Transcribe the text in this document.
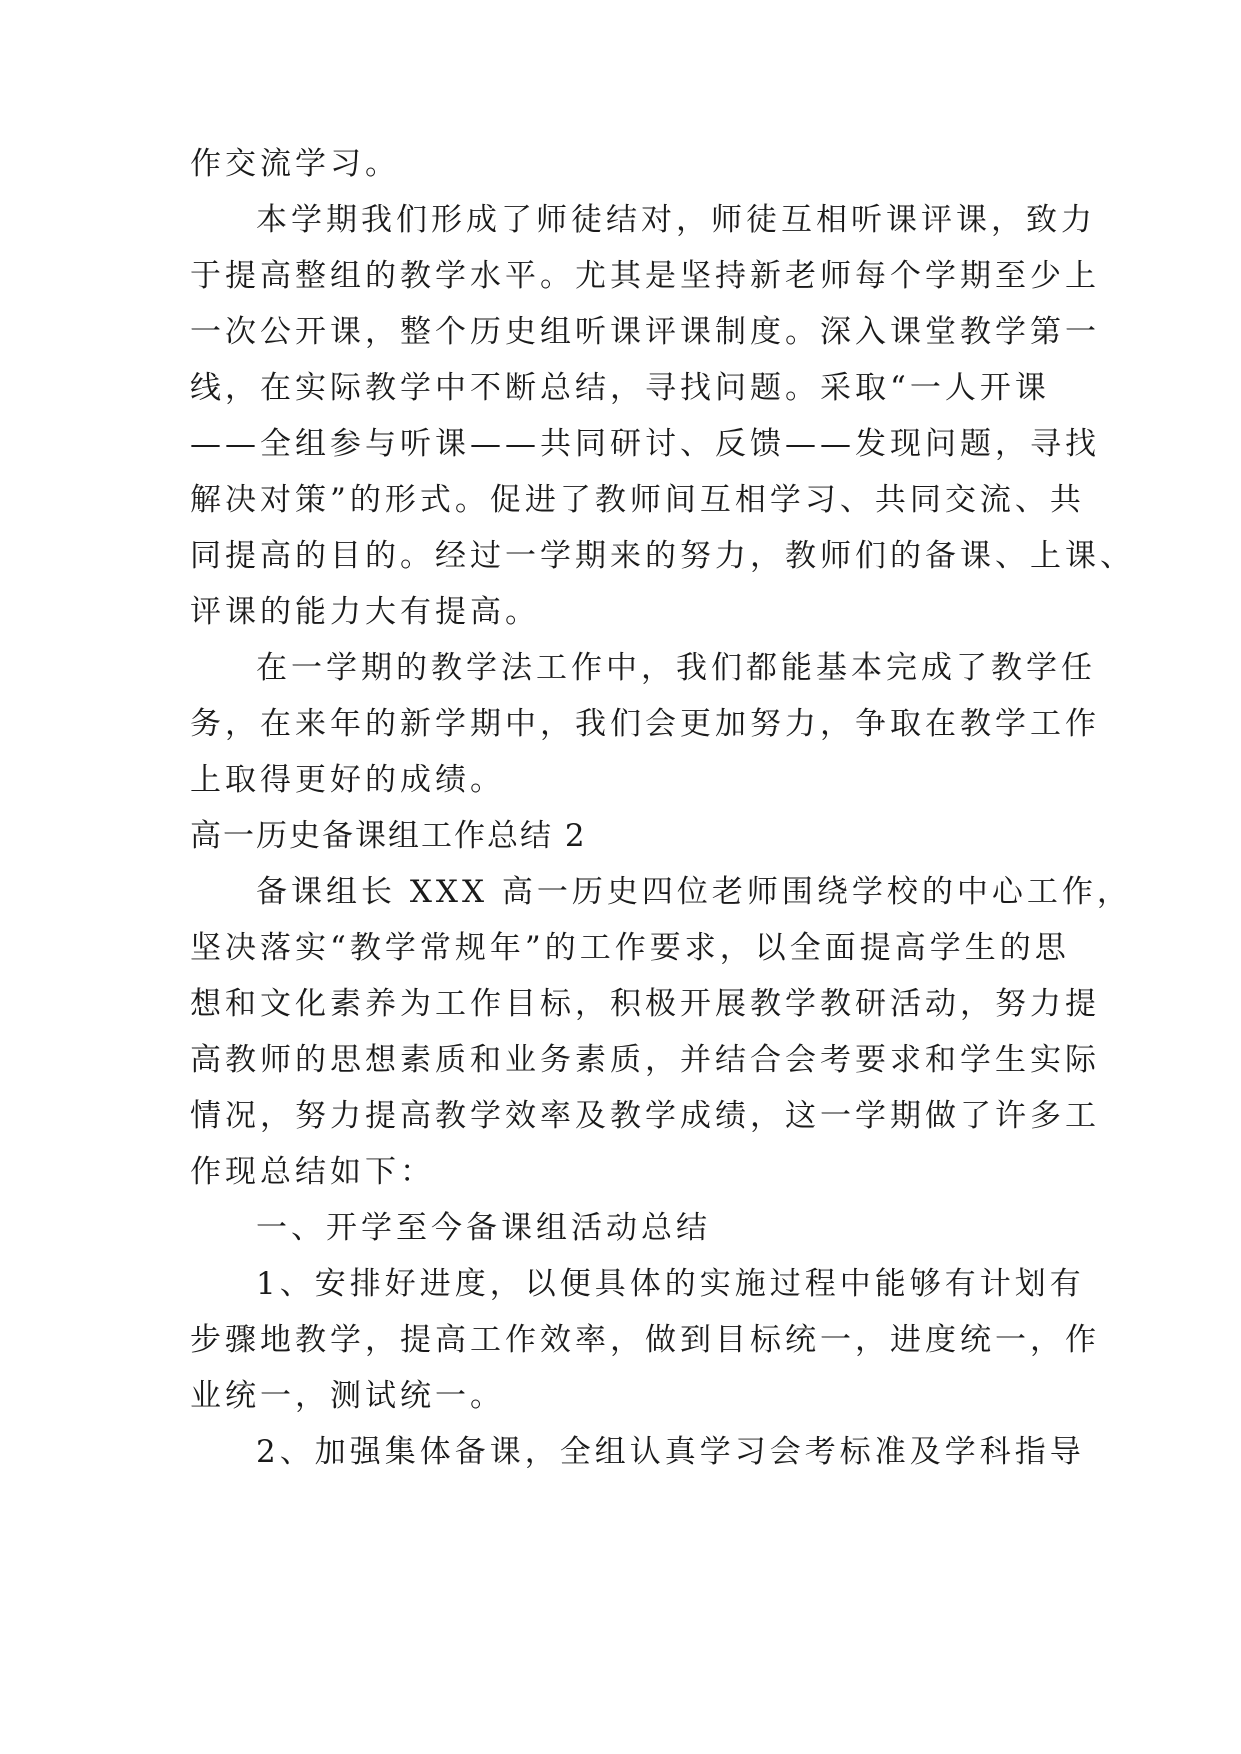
作交流学习。
本学期我们形成了师徒结对，师徒互相听课评课，致力
于提高整组的教学水平。尤其是坚持新老师每个学期至少上
一次公开课，整个历史组听课评课制度。深入课堂教学第一
线，在实际教学中不断总结，寻找问题。采取“一人开课
——全组参与听课——共同研讨、反馈——发现问题，寻找
解决对策”的形式。促进了教师间互相学习、共同交流、共
同提高的目的。经过一学期来的努力，教师们的备课、上课、
评课的能力大有提高。
在一学期的教学法工作中，我们都能基本完成了教学任
务，在来年的新学期中，我们会更加努力，争取在教学工作
上取得更好的成绩。
高一历史备课组工作总结 2
备课组长 XXX 高一历史四位老师围绕学校的中心工作，
坚决落实“教学常规年”的工作要求，以全面提高学生的思
想和文化素养为工作目标，积极开展教学教研活动，努力提
高教师的思想素质和业务素质，并结合会考要求和学生实际
情况，努力提高教学效率及教学成绩，这一学期做了许多工
作现总结如下：
一、开学至今备课组活动总结
1、安排好进度，以便具体的实施过程中能够有计划有
步骤地教学，提高工作效率，做到目标统一，进度统一，作
业统一，测试统一。
2、加强集体备课，全组认真学习会考标准及学科指导
